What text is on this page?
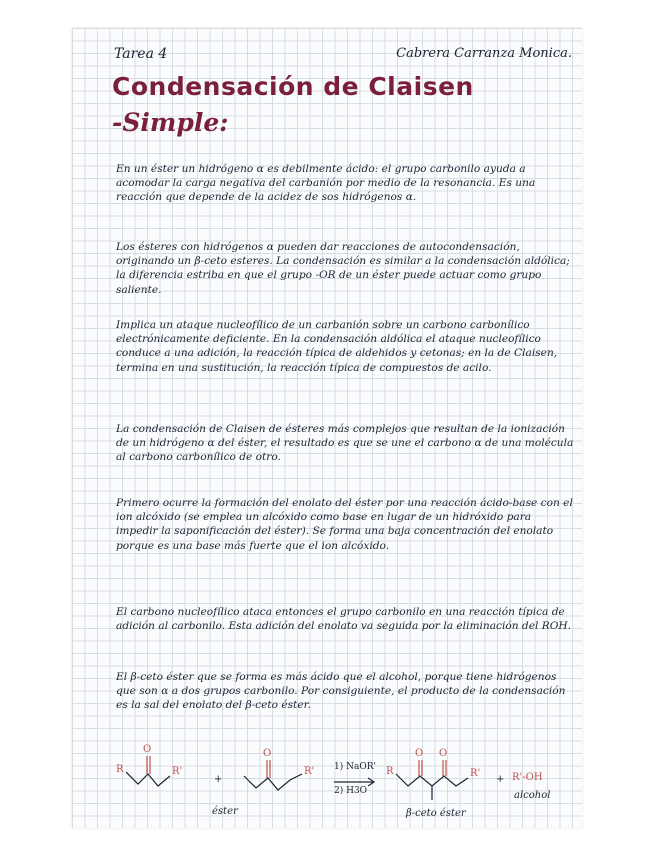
Tarea 4	Cabrera Carranza Monica.
Condensación de Claisen
-Simple:
En un éster un hidrógeno α es debilmente ácido: el grupo carbonilo ayuda a acomodar la carga negativa del carbanión por medio de la resonancia. Es una reacción que depende de la acidez de sos hidrógenos α.
Los ésteres con hidrógenos α pueden dar reacciones de autocondensación, originando un β-ceto esteres. La condensación es similar a la condensación aldólica; la diferencia estriba en que el grupo -OR de un éster puede actuar como grupo saliente.
Implica un ataque nucleofílico de un carbanión sobre un carbono carbonílico electrónicamente deficiente. En la condensación aldólica el ataque nucleofílico conduce a una adición, la reacción típica de aldehidos y cetonas; en la de Claisen, termina en una sustitución, la reacción típica de compuestos de acilo.
La condensación de Claisen de ésteres más complejos que resultan de la ionización de un hidrógeno α del éster, el resultado es que se une el carbono α de una molécula al carbono carbonílico de otro.
Primero ocurre la formación del enolato del éster por una reacción ácido-base con el ion alcóxido (se emplea un alcóxido como base en lugar de un hidróxido para impedir la saponificación del éster). Se forma una baja concentración del enolato porque es una base más fuerte que el ion alcóxido.
El carbono nucleofílico ataca entonces el grupo carbonilo en una reacción típica de adición al carbonilo. Esta adición del enolato va seguida por la eliminación del ROH.
El β-ceto éster que se forma es más ácido que el alcohol, porque tiene hidrógenos que son α a dos grupos carbonilo. Por consiguiente, el producto de la condensación es la sal del enolato del β-ceto éster.
R
O
R'
+
O
R' 1) NaOR'
2) H3O
R
O O
R'
+ R'-OH
éster	β-ceto éster
alcohol
